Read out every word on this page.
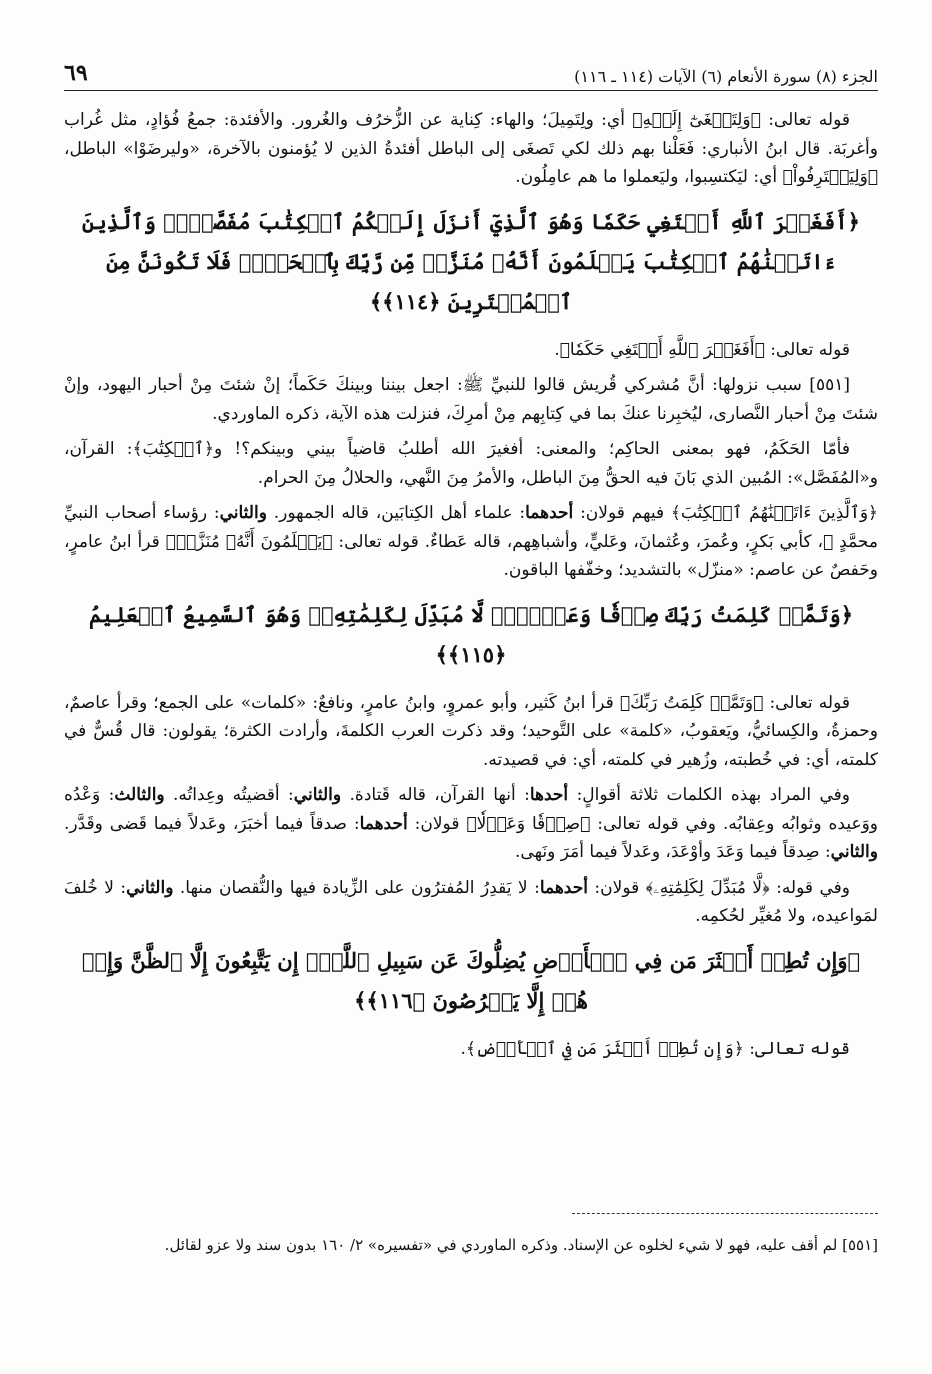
الجزء (٨) سورة الأنعام (٦) الآيات (١١٤ ـ ١١٦)
٦٩

قوله تعالى: ﴿وَلِتَصۡغَىٰٓ إِلَيۡهِ﴾ أي: ولِتَمِيلَ؛ والهاء: كِناية عن الزُّخرُف والغُرور. والأفئدة: جمعُ فُؤادٍ، مثل غُراب وأغربَة. قال ابنُ الأنباري: فَعَلْنا بهم ذلك لكي تَصغَى إلى الباطل أفئدةُ الذين لا يُؤمنون بالآخرة، «وليرضَوْا» الباطل، ﴿وَلِيَقۡتَرِفُواْ﴾ أي: ليَكتسِبوا، وليَعملوا ما هم عامِلُون.

﴿أَفَغَيۡرَ ٱللَّهِ أَبۡتَغِي حَكَمٗا وَهُوَ ٱلَّذِيٓ أَنزَلَ إِلَيۡكُمُ ٱلۡكِتَٰبَ مُفَصَّلٗاۚ وَٱلَّذِينَ ءَاتَيۡنَٰهُمُ ٱلۡكِتَٰبَ يَعۡلَمُونَ أَنَّهُۥ مُنَزَّلٞ مِّن رَّبِّكَ بِٱلۡحَقِّۖ فَلَا تَكُونَنَّ مِنَ ٱلۡمُمۡتَرِينَ ﴿١١٤﴾﴾

قوله تعالى: ﴿أَفَغَيۡرَ ٱللَّهِ أَبۡتَغِي حَكَمٗا﴾.

[٥٥١] سبب نزولها: أنَّ مُشركي قُريش قالوا للنبيِّ ﷺ: اجعل بيننا وبينكَ حَكَماً؛ إنْ شئتَ مِنْ أحبار اليهود، وإنْ شئتَ مِنْ أحبار النَّصارى، ليُخبِرنا عنكَ بما في كِتابِهم مِنْ أمرِكَ، فنزلت هذه الآية، ذكره الماوردي.

فأمّا الحَكَمُ، فهو بمعنى الحاكِم؛ والمعنى: أفغيرَ الله أطلبُ قاضياً بيني وبينكم؟! و﴿ٱلۡكِتَٰبَ﴾: القرآن، و«المُفَصَّل»: المُبين الذي بَانَ فيه الحقُّ مِنَ الباطل، والأمرُ مِنَ النَّهي، والحلالُ مِنَ الحرام.

﴿وَٱلَّذِينَ ءَاتَيۡنَٰهُمُ ٱلۡكِتَٰبَ﴾ فيهم قولان: أحدهما: علماء أهل الكِتابَين، قاله الجمهور. والثاني: رؤساء أصحاب النبيِّ محمَّدٍ ﷺ، كأبي بَكرٍ، وعُمرَ، وعُثمانَ، وعَليٍّ، وأشباهِهم، قاله عَطاءٌ. قوله تعالى: ﴿يَعۡلَمُونَ أَنَّهُۥ مُنَزَّلٞ﴾ قرأ ابنُ عامرٍ، وحَفصٌ عن عاصم: «منزّل» بالتشديد؛ وخفّفها الباقون.

﴿وَتَمَّتۡ كَلِمَتُ رَبِّكَ صِدۡقٗا وَعَدۡلٗاۚ لَّا مُبَدِّلَ لِكَلِمَٰتِهِۦۚ وَهُوَ ٱلسَّمِيعُ ٱلۡعَلِيمُ ﴿١١٥﴾﴾

قوله تعالى: ﴿وَتَمَّتۡ كَلِمَتُ رَبِّكَ﴾ قرأ ابنُ كَثير، وأبو عمروٍ، وابنُ عامرٍ، ونافعٌ: «كلمات» على الجمع؛ وقرأ عاصمٌ، وحمزةُ، والكِسائيُّ، ويَعقوبُ، «كلمة» على التَّوحيد؛ وقد ذكرت العرب الكلمةَ، وأرادت الكثرة؛ يقولون: قال قُسٌّ في كلمته، أي: في خُطبته، وزُهير في كلمته، أي: في قصيدته.

وفي المراد بهذه الكلمات ثلاثة أقوالٍ: أحدها: أنها القرآن، قاله قَتادة. والثاني: أقضيتُه وعِداتُه. والثالث: وَعْدُه ووَعيده وثوابُه وعِقابُه. وفي قوله تعالى: ﴿صِدۡقٗا وَعَدۡلٗا﴾ قولان: أحدهما: صدقاً فيما أخبَرَ، وعَدلاً فيما قَضى وقَدَّر. والثاني: صِدقاً فيما وَعَدَ وأوْعَدَ، وعَدلاً فيما أمَرَ ونَهى.

وفي قوله: ﴿لَّا مُبَدِّلَ لِكَلِمَٰتِهِۦ﴾ قولان: أحدهما: لا يَقدِرُ المُفترُون على الزِّيادة فيها والنُّقصان منها. والثاني: لا خُلفَ لمَواعيده، ولا مُغيِّر لحُكمِه.

﴿وَإِن تُطِعۡ أَكۡثَرَ مَن فِي ٱلۡأَرۡضِ يُضِلُّوكَ عَن سَبِيلِ ٱللَّهِۚ إِن يَتَّبِعُونَ إِلَّا ٱلظَّنَّ وَإِنۡ هُمۡ إِلَّا يَخۡرُصُونَ ﴿١١٦﴾﴾

قوله تعالى: ﴿وَإِن تُطِعۡ أَكۡثَرَ مَن فِي ٱلۡأَرۡضِ﴾.

[٥٥١] لم أقف عليه، فهو لا شيء لخلوه عن الإسناد. وذكره الماوردي في «تفسيره» ٢/ ١٦٠ بدون سند ولا عزو لقائل.
